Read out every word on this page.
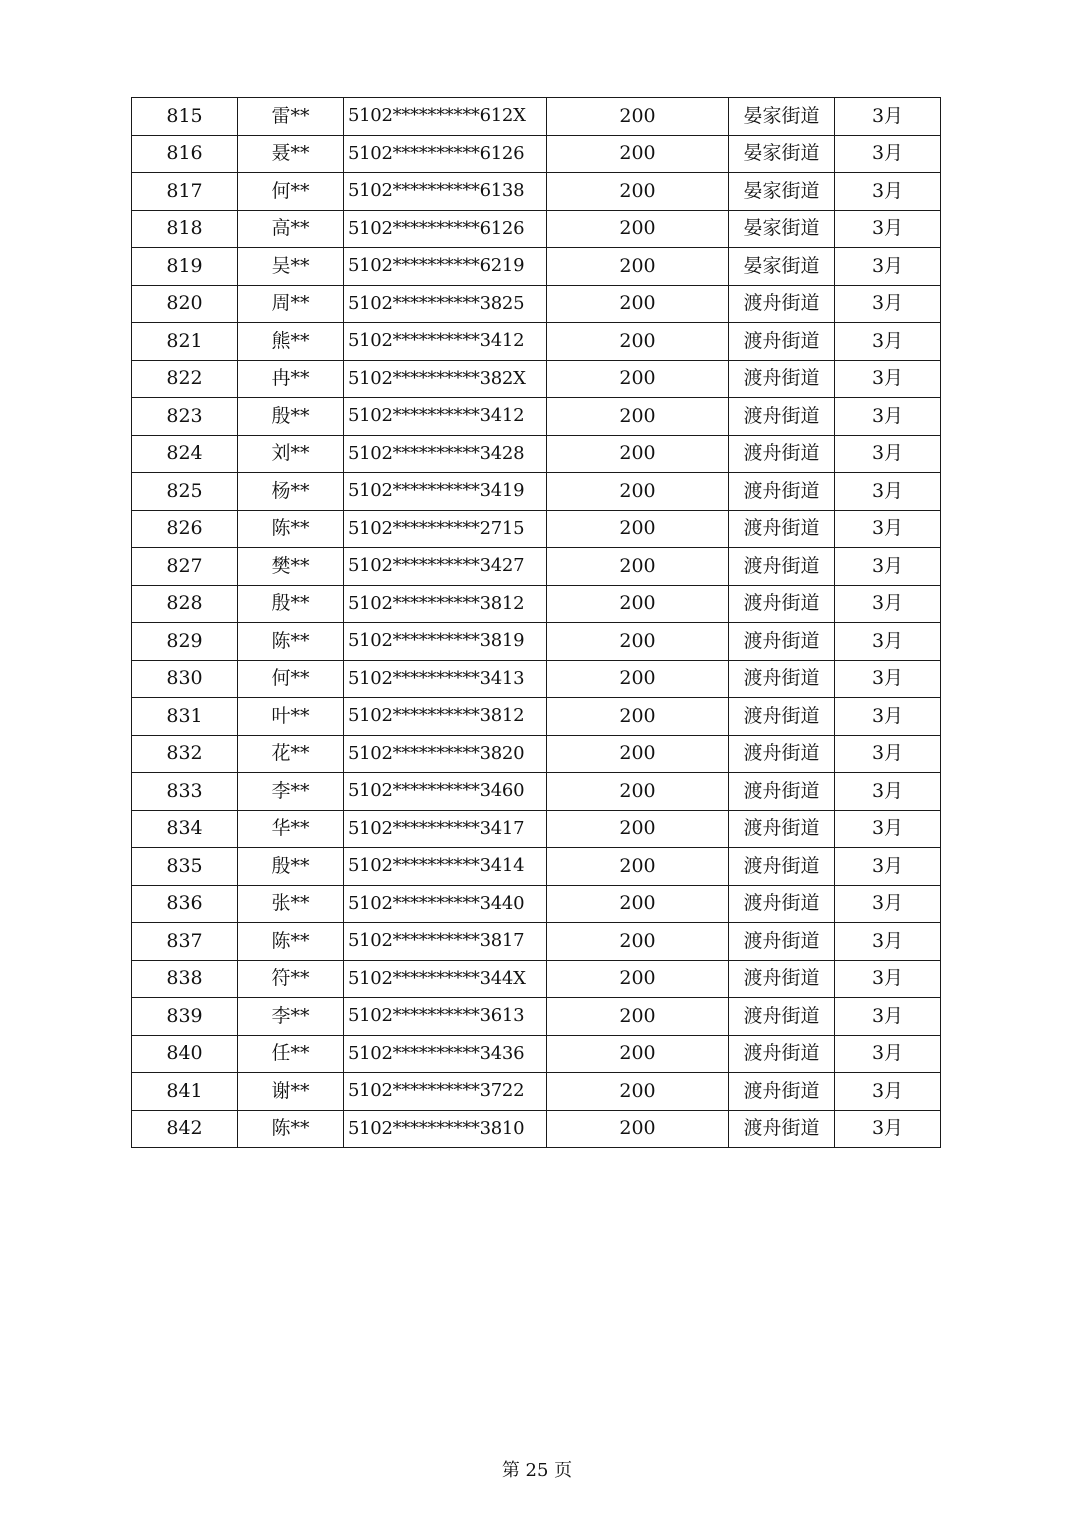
815	雷**	5102**********612X	200	晏家街道	3月
816	聂**	5102**********6126	200	晏家街道	3月
817	何**	5102**********6138	200	晏家街道	3月
818	高**	5102**********6126	200	晏家街道	3月
819	吴**	5102**********6219	200	晏家街道	3月
820	周**	5102**********3825	200	渡舟街道	3月
821	熊**	5102**********3412	200	渡舟街道	3月
822	冉**	5102**********382X	200	渡舟街道	3月
823	殷**	5102**********3412	200	渡舟街道	3月
824	刘**	5102**********3428	200	渡舟街道	3月
825	杨**	5102**********3419	200	渡舟街道	3月
826	陈**	5102**********2715	200	渡舟街道	3月
827	樊**	5102**********3427	200	渡舟街道	3月
828	殷**	5102**********3812	200	渡舟街道	3月
829	陈**	5102**********3819	200	渡舟街道	3月
830	何**	5102**********3413	200	渡舟街道	3月
831	叶**	5102**********3812	200	渡舟街道	3月
832	花**	5102**********3820	200	渡舟街道	3月
833	李**	5102**********3460	200	渡舟街道	3月
834	华**	5102**********3417	200	渡舟街道	3月
835	殷**	5102**********3414	200	渡舟街道	3月
836	张**	5102**********3440	200	渡舟街道	3月
837	陈**	5102**********3817	200	渡舟街道	3月
838	符**	5102**********344X	200	渡舟街道	3月
839	李**	5102**********3613	200	渡舟街道	3月
840	任**	5102**********3436	200	渡舟街道	3月
841	谢**	5102**********3722	200	渡舟街道	3月
842	陈**	5102**********3810	200	渡舟街道	3月
第 25 页
